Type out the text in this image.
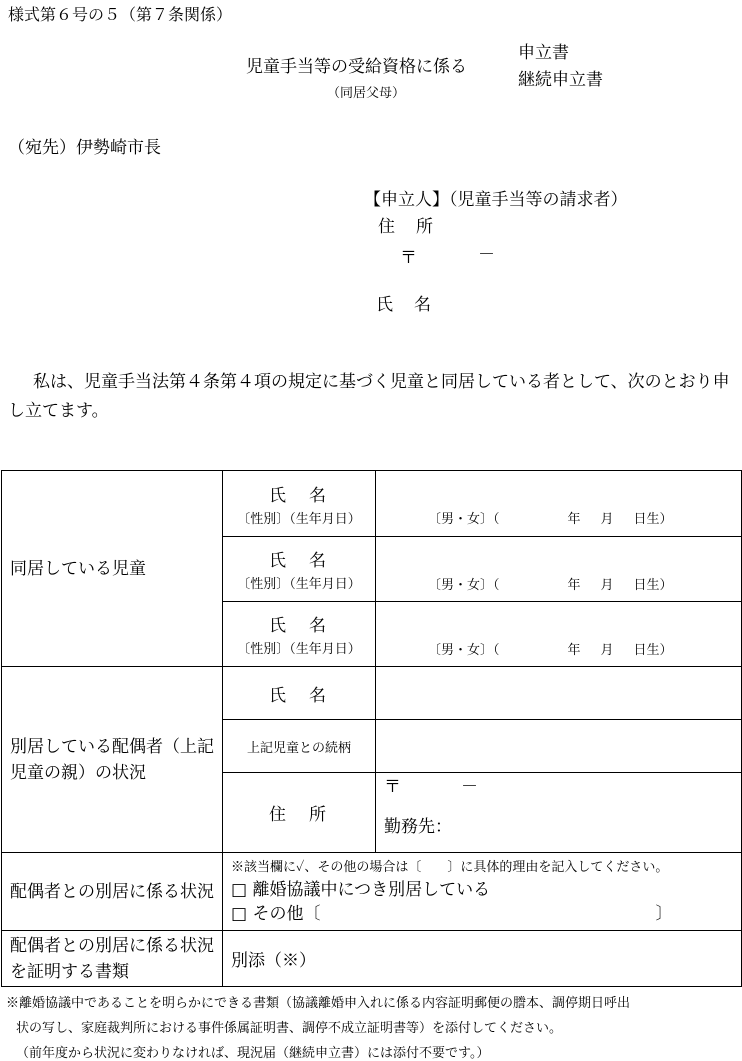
様式第６号の５（第７条関係）
児童手当等の受給資格に係る
申立書
継続申立書
（同居父母）
（宛先）伊勢崎市長
【申立人】（児童手当等の請求者）
住　所
〒	－
氏　名
私は、児童手当法第４条第４項の規定に基づく児童と同居している者として、次のとおり申し立てます。
同居している児童	氏　名
〔性別〕（生年月日）	〔男・女〕（ 年 月 日生）

	氏　名
〔性別〕（生年月日）	〔男・女〕（ 年 月 日生）

	氏　名
〔性別〕（生年月日）	〔男・女〕（ 年 月 日生）
別居している配偶者（上記児童の親）の状況	氏　名	
	上記児童との続柄	
	住　所	〒 －
勤務先：

配偶者との別居に係る状況	※該当欄に✓、その他の場合は〔　　〕に具体的理由を記入してください。
□ 離婚協議中につき別居している
□ その他〔 〕	

配偶者との別居に係る状況を証明する書類	別添（※）	
※離婚協議中であることを明らかにできる書類（協議離婚申入れに係る内容証明郵便の謄本、調停期日呼出
状の写し、家庭裁判所における事件係属証明書、調停不成立証明書等）を添付してください。
（前年度から状況に変わりなければ、現況届（継続申立書）には添付不要です。）
